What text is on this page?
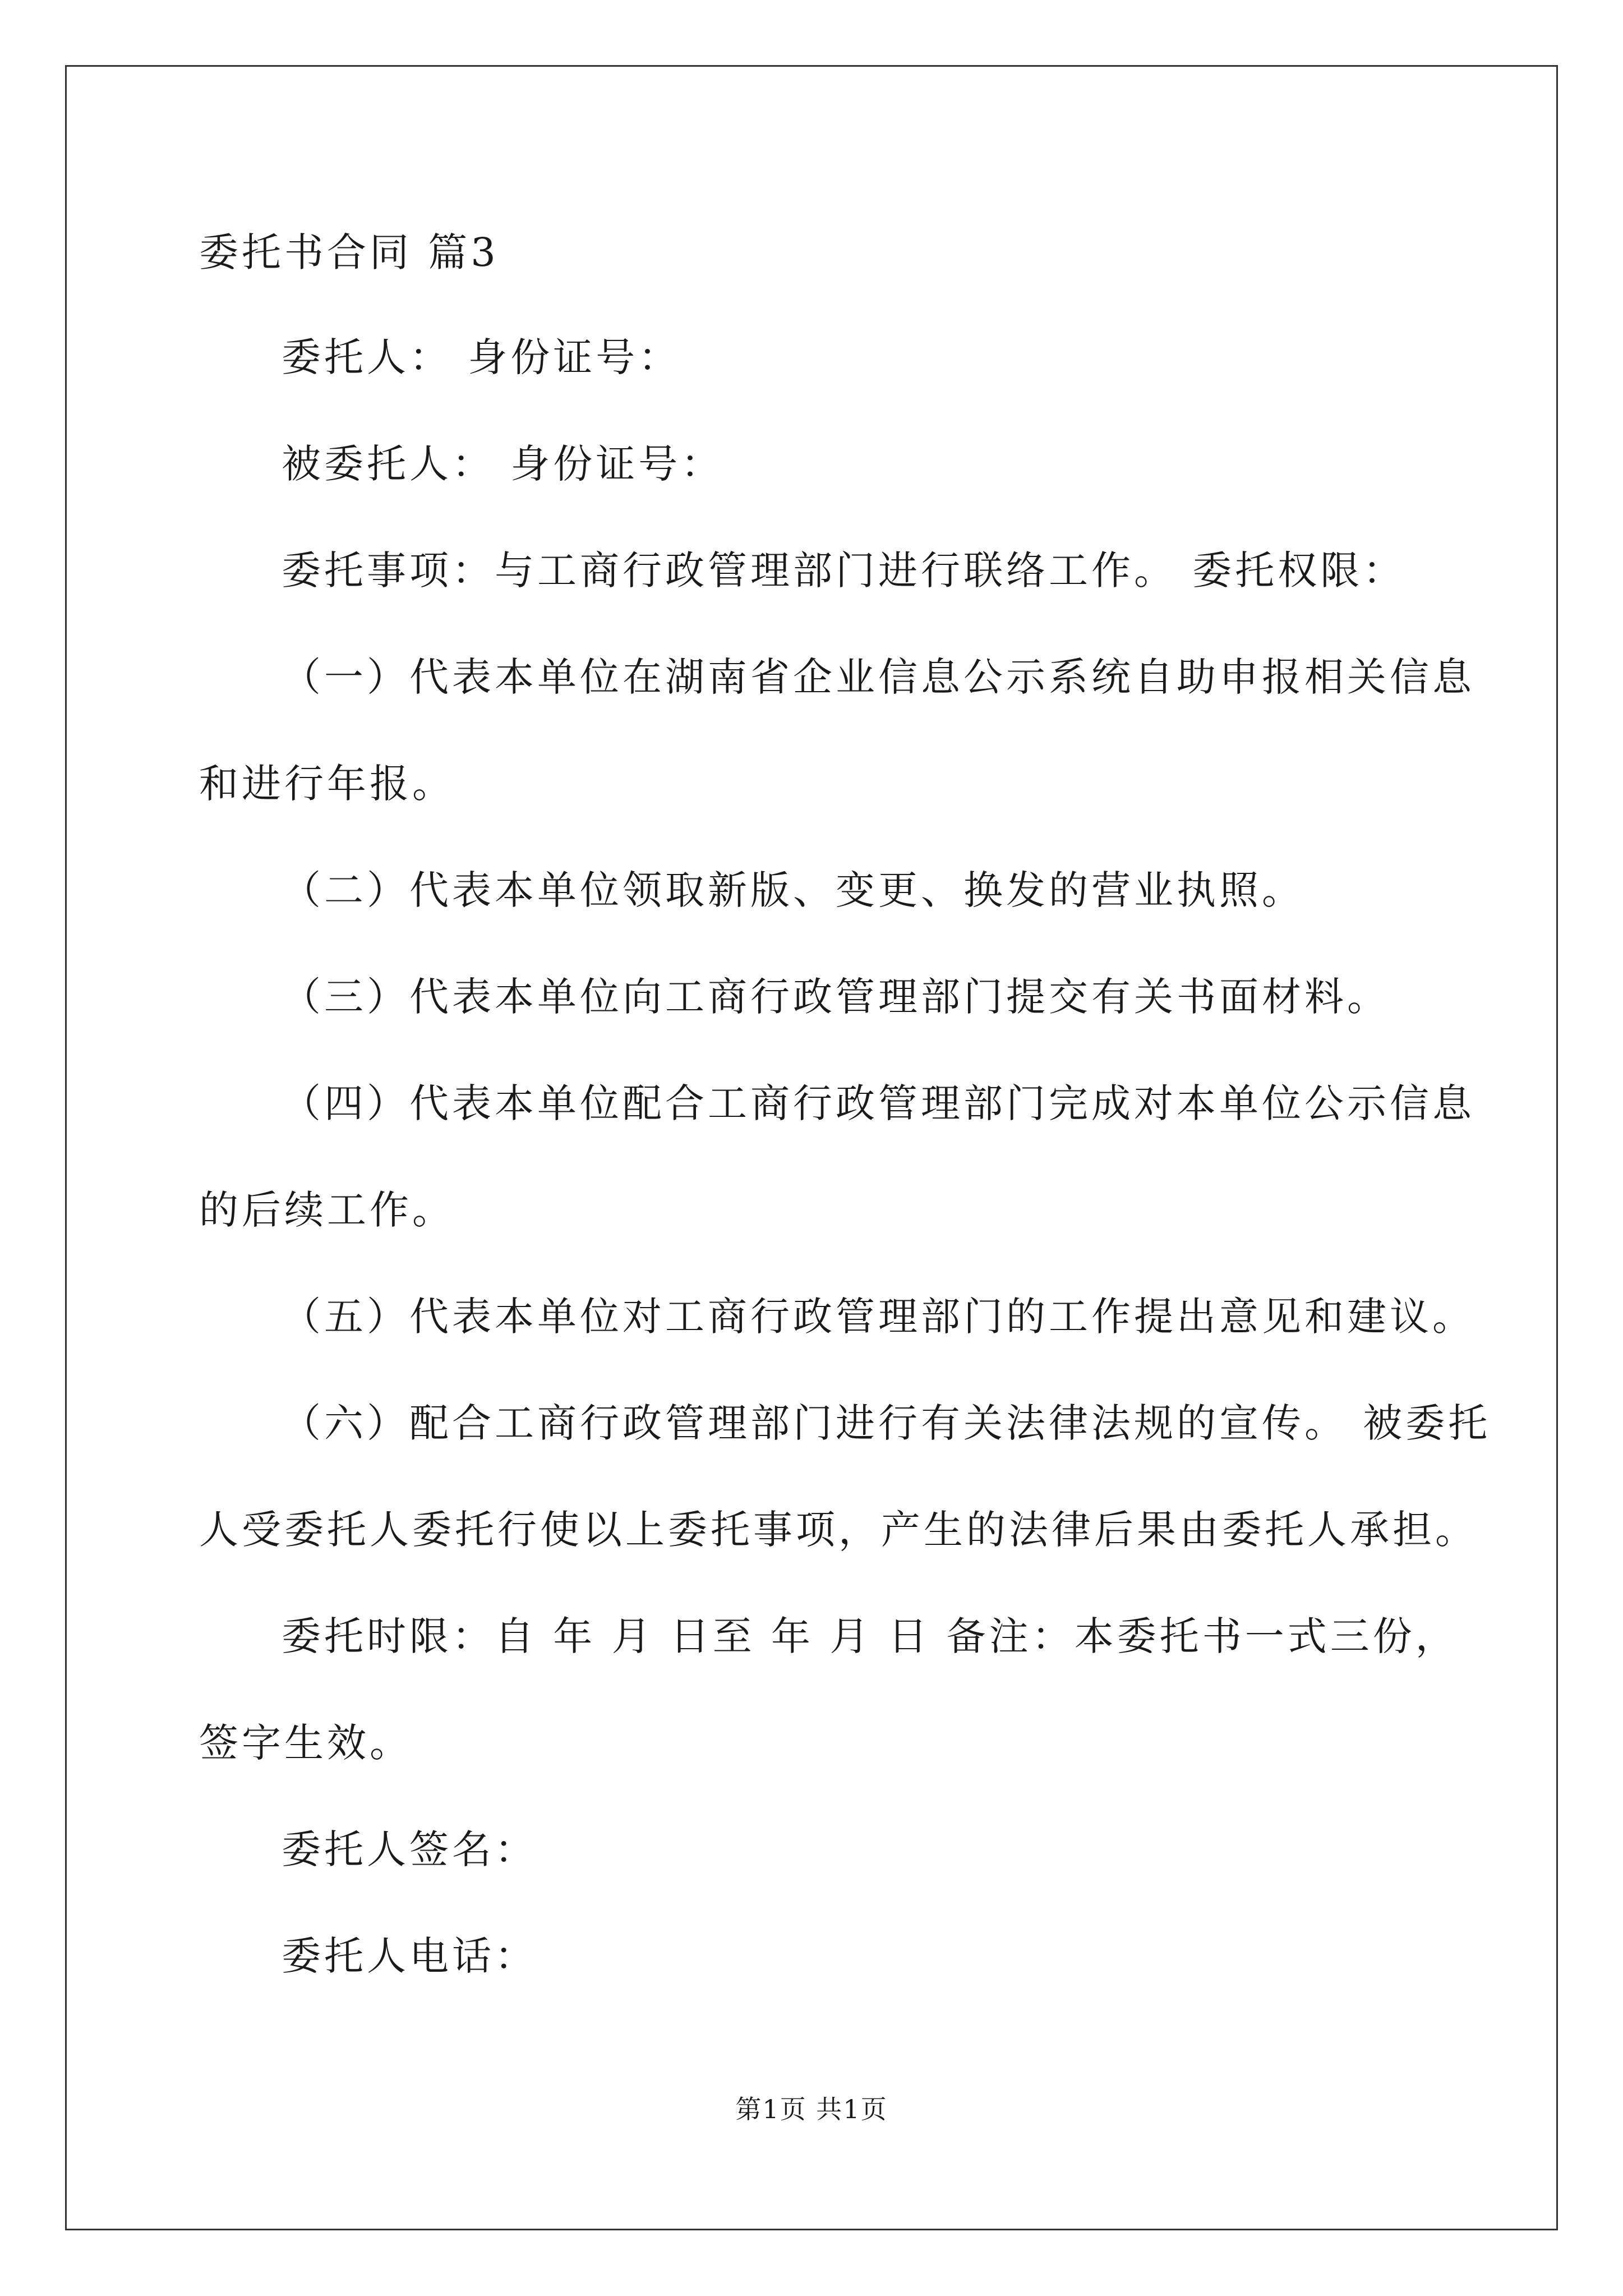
委托书合同 篇3
委托人： 身份证号：
被委托人： 身份证号：
委托事项：与工商行政管理部门进行联络工作。 委托权限：
（一）代表本单位在湖南省企业信息公示系统自助申报相关信息
和进行年报。
（二）代表本单位领取新版、变更、换发的营业执照。
（三）代表本单位向工商行政管理部门提交有关书面材料。
（四）代表本单位配合工商行政管理部门完成对本单位公示信息
的后续工作。
（五）代表本单位对工商行政管理部门的工作提出意见和建议。
（六）配合工商行政管理部门进行有关法律法规的宣传。 被委托
人受委托人委托行使以上委托事项，产生的法律后果由委托人承担。
委托时限：自 年 月 日至 年 月 日 备注：本委托书一式三份，
签字生效。
委托人签名：
委托人电话：
第1页 共1页
